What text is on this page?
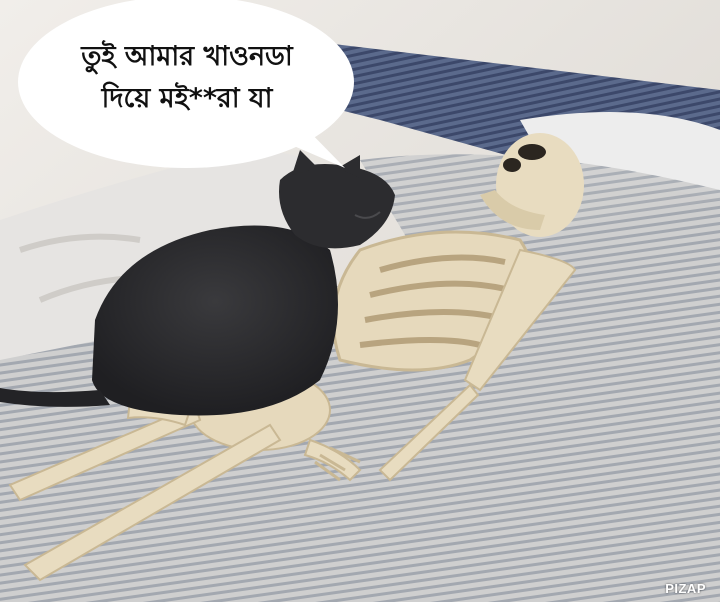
তুই আমার খাওনডা
দিয়ে মই**রা যা
PIZAP
